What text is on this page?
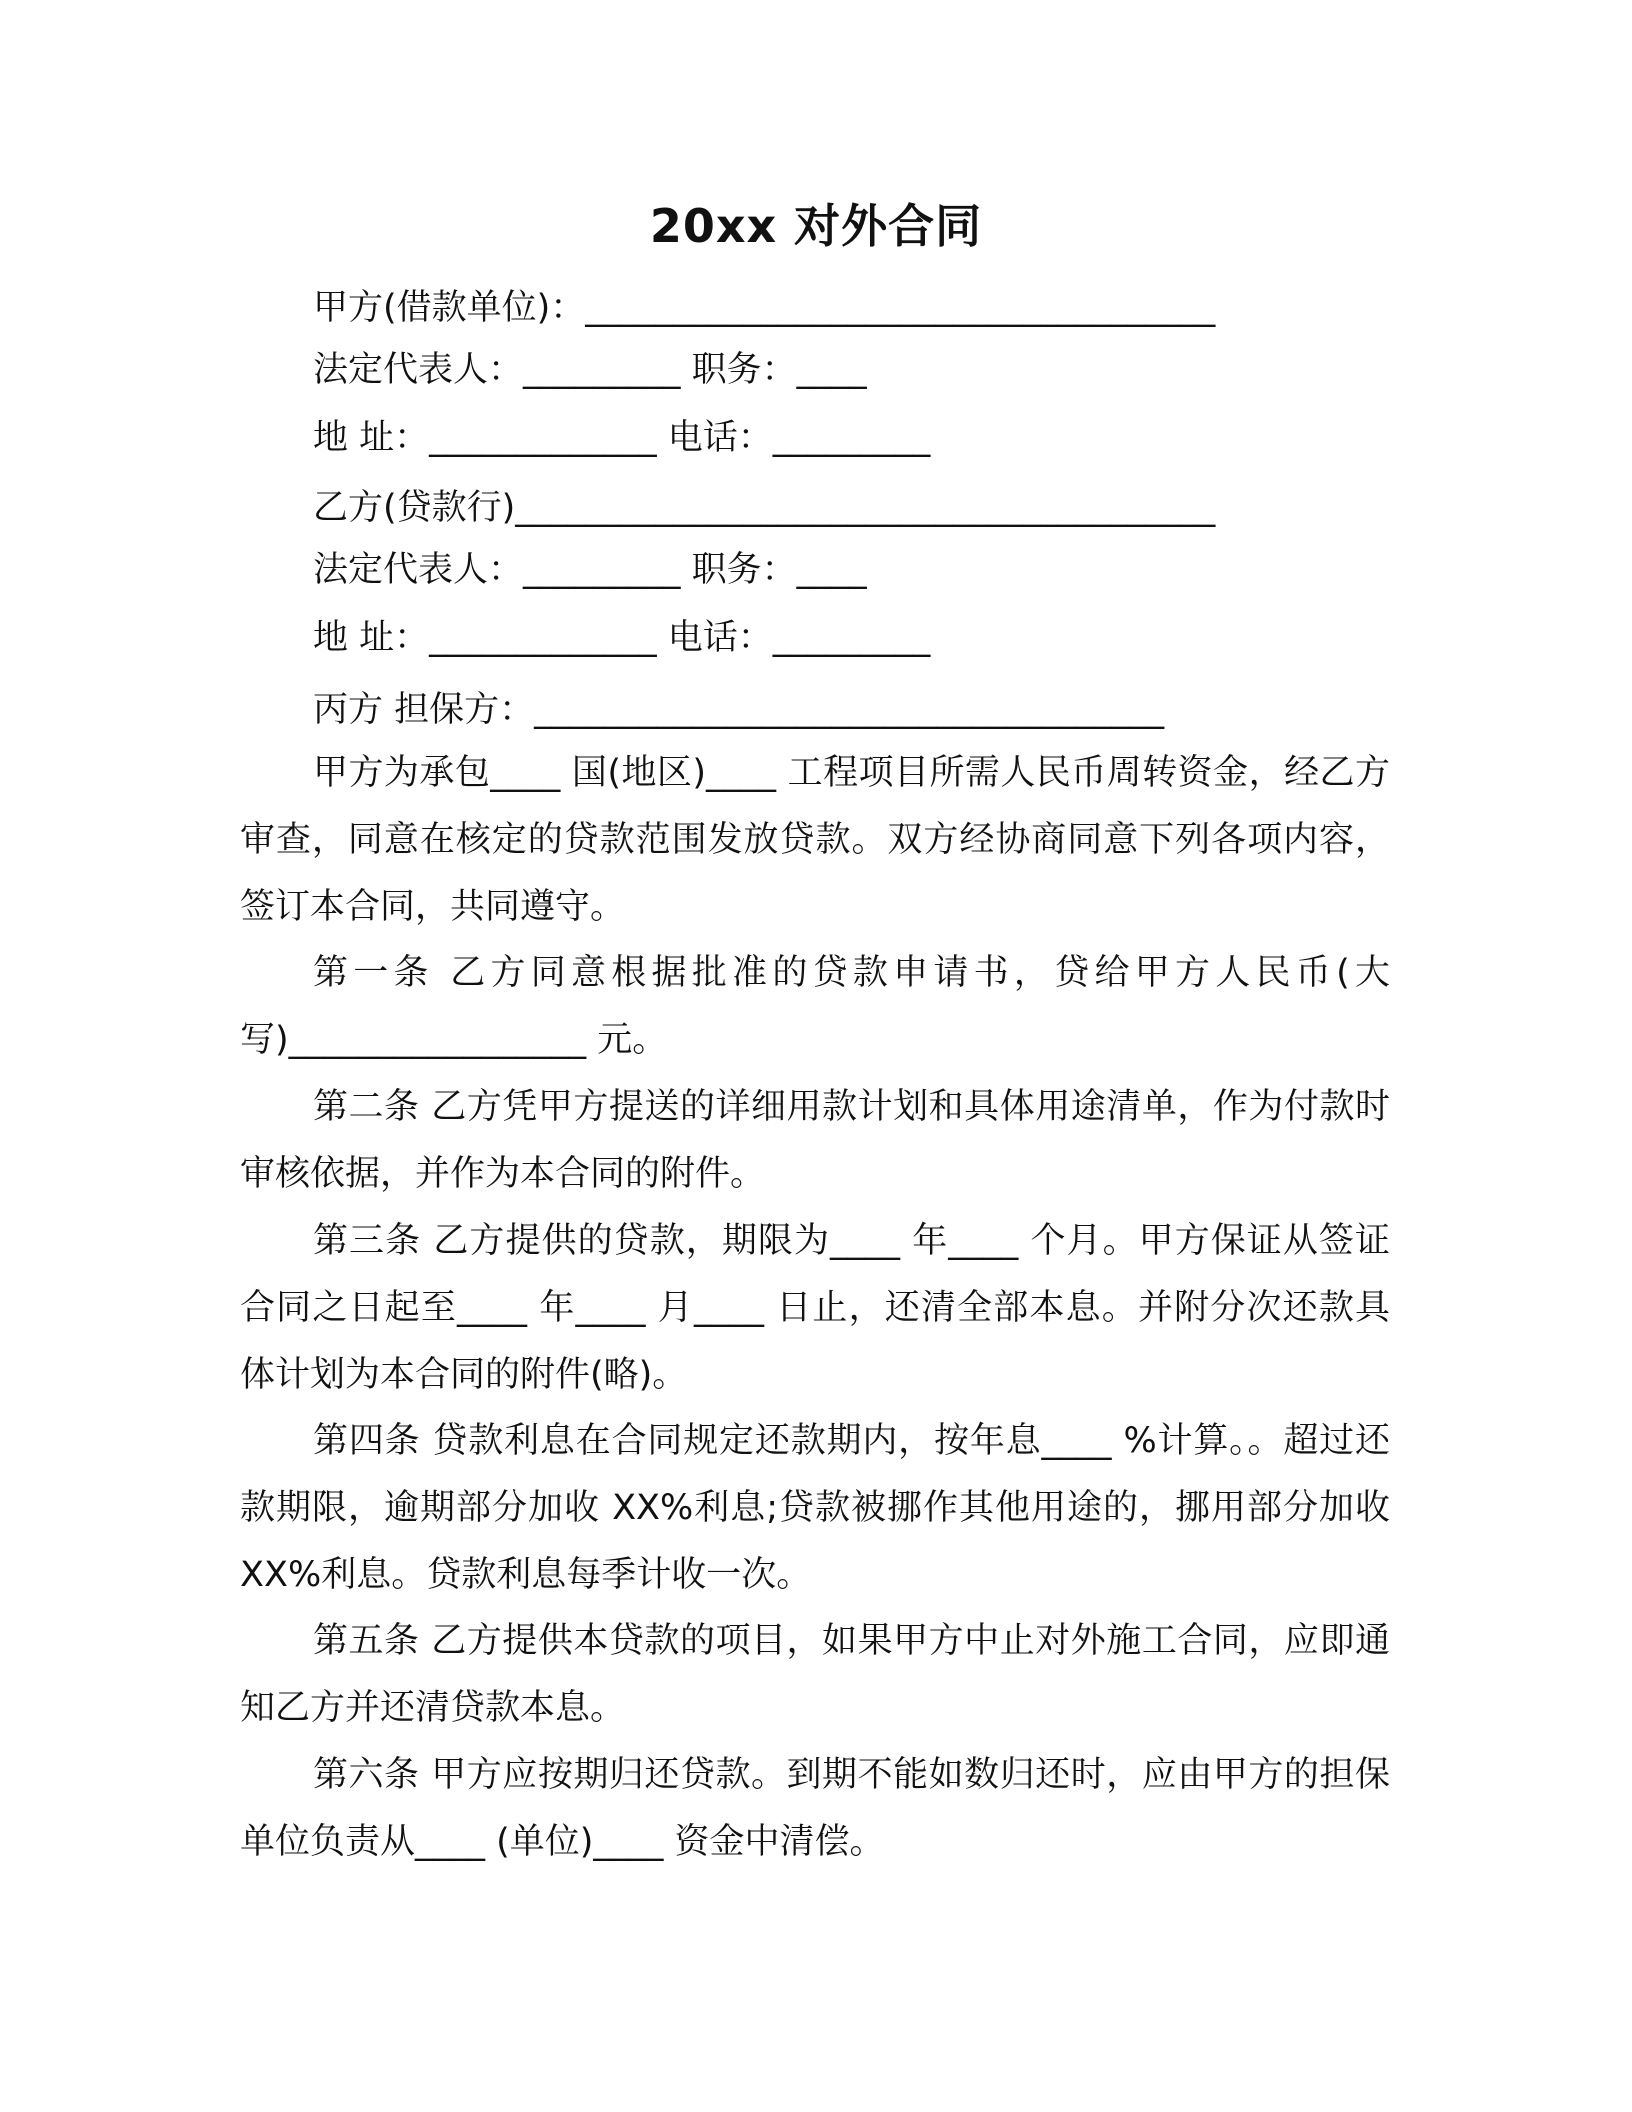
20xx 对外合同
甲方(借款单位)：____________________________________
法定代表人：_________ 职务：____
地 址：_____________ 电话：_________
乙方(贷款行)________________________________________
法定代表人：_________ 职务：____
地 址：_____________ 电话：_________
丙方 担保方：____________________________________
甲方为承包____ 国(地区)____ 工程项目所需人民币周转资金，经乙方审查，同意在核定的贷款范围发放贷款。双方经协商同意下列各项内容，签订本合同，共同遵守。
第一条 乙方同意根据批准的贷款申请书，贷给甲方人民币(大写)_________________ 元。
第二条 乙方凭甲方提送的详细用款计划和具体用途清单，作为付款时审核依据，并作为本合同的附件。
第三条 乙方提供的贷款，期限为____ 年____ 个月。甲方保证从签证合同之日起至____ 年____ 月____ 日止，还清全部本息。并附分次还款具体计划为本合同的附件(略)。
第四条 贷款利息在合同规定还款期内，按年息____ %计算。。超过还款期限，逾期部分加收 XX%利息;贷款被挪作其他用途的，挪用部分加收 XX%利息。贷款利息每季计收一次。
第五条 乙方提供本贷款的项目，如果甲方中止对外施工合同，应即通知乙方并还清贷款本息。
第六条 甲方应按期归还贷款。到期不能如数归还时，应由甲方的担保单位负责从____ (单位)____ 资金中清偿。
